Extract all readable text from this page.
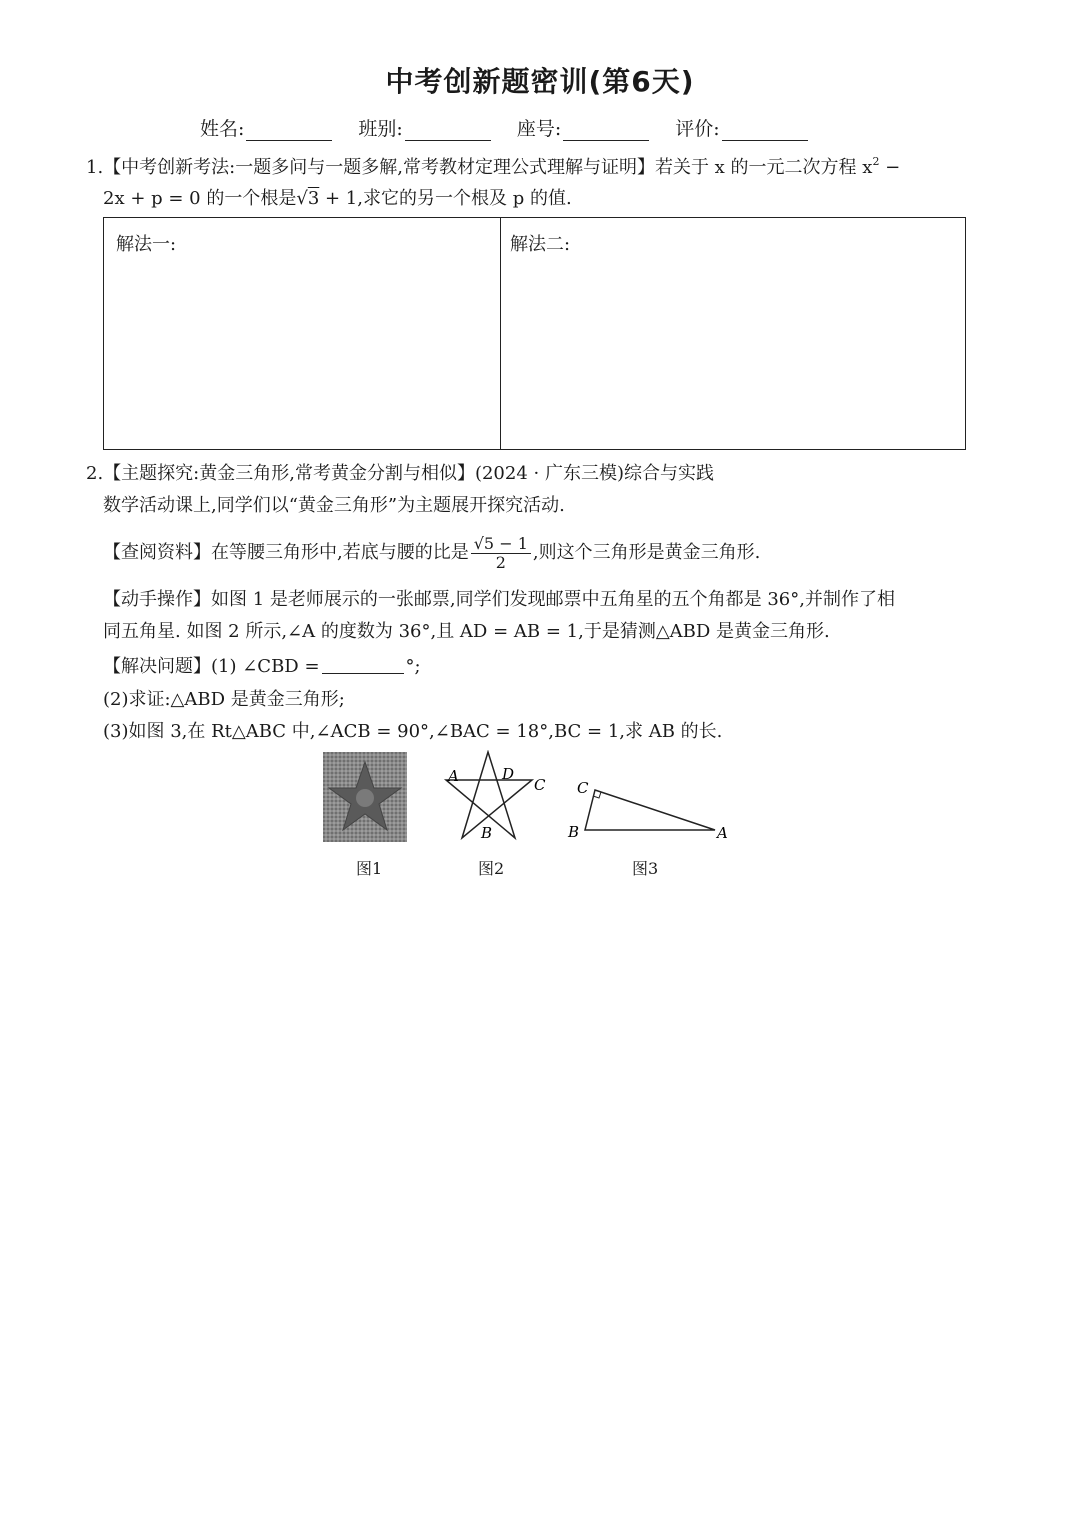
中考创新题密训(第6天)
姓名:	班别:	座号:	评价:
1.【中考创新考法:一题多问与一题多解,常考教材定理公式理解与证明】若关于 x 的一元二次方程 $x^2$ −
2x + p = 0 的一个根是√3 + 1,求它的另一个根及 p 的值.
解法一:	解法二:
2.【主题探究:黄金三角形,常考黄金分割与相似】(2024 · 广东三模)综合与实践
数学活动课上,同学们以“黄金三角形”为主题展开探究活动.
【查阅资料】在等腰三角形中,若底与腰的比是 $\frac{√5 - 1}{2}$ ,则这个三角形是黄金三角形.
【动手操作】如图 1 是老师展示的一张邮票,同学们发现邮票中五角星的五个角都是 36°,并制作了相
同五角星. 如图 2 所示,∠A 的度数为 36°,且 AD = AB = 1,于是猜测△ABD 是黄金三角形.
【解决问题】(1) ∠CBD =	°;
(2)求证:△ABD 是黄金三角形;
(3)如图 3,在 Rt△ABC 中,∠ACB = 90°,∠BAC = 18°,BC = 1,求 AB 的长.
图1
A	D
C
B
图2
C
B	A
图3
